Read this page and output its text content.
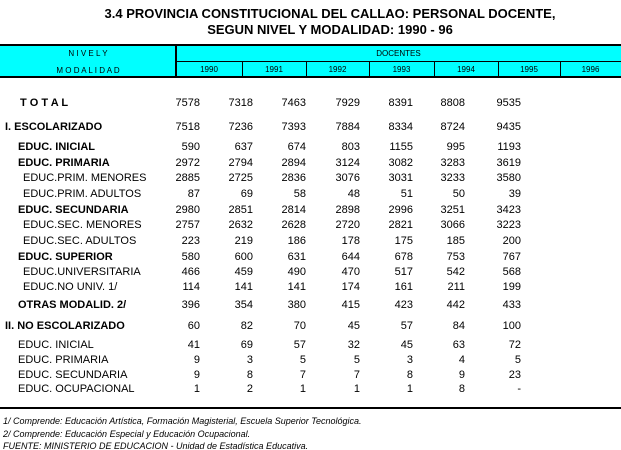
3.4 PROVINCIA CONSTITUCIONAL DEL CALLAO: PERSONAL DOCENTE,
SEGUN NIVEL Y MODALIDAD: 1990 - 96
N I V E L Y
M O D A L I D A D
DOCENTES
1990	1991	1992	1993	1994	1995	1996
T O T A L	7578	7318	7463	7929	8391	8808	9535
I. ESCOLARIZADO	7518	7236	7393	7884	8334	8724	9435
EDUC. INICIAL	590	637	674	803	1155	995	1193
EDUC. PRIMARIA	2972	2794	2894	3124	3082	3283	3619
EDUC.PRIM. MENORES	2885	2725	2836	3076	3031	3233	3580
EDUC.PRIM. ADULTOS	87	69	58	48	51	50	39
EDUC. SECUNDARIA	2980	2851	2814	2898	2996	3251	3423
EDUC.SEC. MENORES	2757	2632	2628	2720	2821	3066	3223
EDUC.SEC. ADULTOS	223	219	186	178	175	185	200
EDUC. SUPERIOR	580	600	631	644	678	753	767
EDUC.UNIVERSITARIA	466	459	490	470	517	542	568
EDUC.NO UNIV. 1/	114	141	141	174	161	211	199
OTRAS MODALID. 2/	396	354	380	415	423	442	433
II. NO ESCOLARIZADO	60	82	70	45	57	84	100
EDUC. INICIAL	41	69	57	32	45	63	72
EDUC. PRIMARIA	9	3	5	5	3	4	5
EDUC. SECUNDARIA	9	8	7	7	8	9	23
EDUC. OCUPACIONAL	1	2	1	1	1	8	-
1/ Comprende: Educación Artística, Formación Magisterial, Escuela Superior Tecnológica.
2/ Comprende: Educación Especial y Educación Ocupacional.
FUENTE: MINISTERIO DE EDUCACION - Unidad de Estadística Educativa.
